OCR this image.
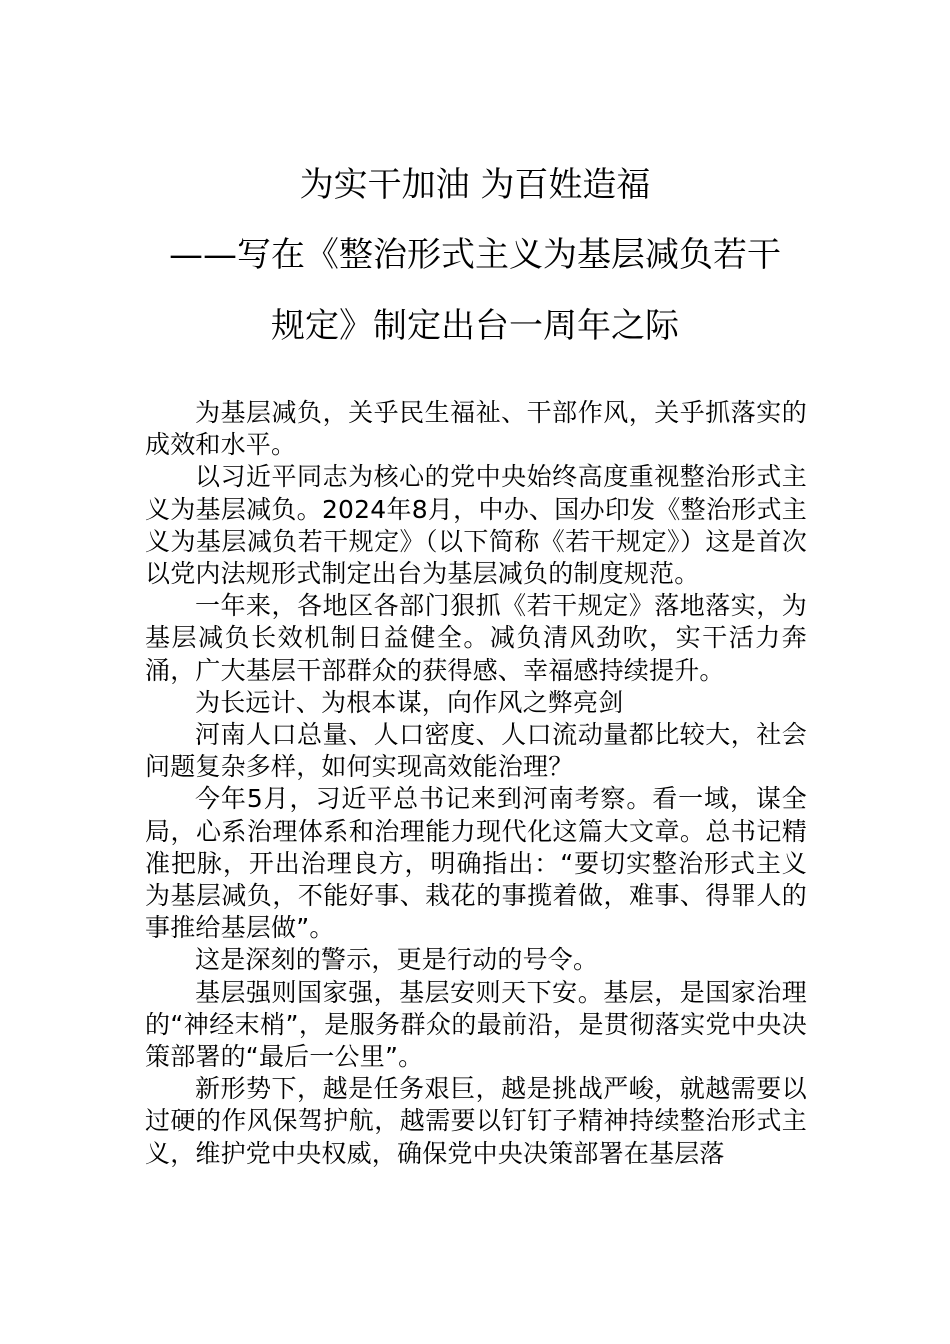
为实干加油 为百姓造福

——写在《整治形式主义为基层减负若干

规定》制定出台一周年之际

为基层减负，关乎民生福祉、干部作风，关乎抓落实的成效和水平。

以习近平同志为核心的党中央始终高度重视整治形式主义为基层减负。2024年8月，中办、国办印发《整治形式主义为基层减负若干规定》（以下简称《若干规定》）这是首次以党内法规形式制定出台为基层减负的制度规范。

一年来，各地区各部门狠抓《若干规定》落地落实，为基层减负长效机制日益健全。减负清风劲吹，实干活力奔涌，广大基层干部群众的获得感、幸福感持续提升。

为长远计、为根本谋，向作风之弊亮剑

河南人口总量、人口密度、人口流动量都比较大，社会问题复杂多样，如何实现高效能治理？

今年5月，习近平总书记来到河南考察。看一域，谋全局，心系治理体系和治理能力现代化这篇大文章。总书记精准把脉，开出治理良方，明确指出：“要切实整治形式主义为基层减负，不能好事、栽花的事揽着做，难事、得罪人的事推给基层做”。

这是深刻的警示，更是行动的号令。

基层强则国家强，基层安则天下安。基层，是国家治理的“神经末梢”，是服务群众的最前沿，是贯彻落实党中央决策部署的“最后一公里”。

新形势下，越是任务艰巨，越是挑战严峻，就越需要以过硬的作风保驾护航，越需要以钉钉子精神持续整治形式主义，维护党中央权威，确保党中央决策部署在基层落
